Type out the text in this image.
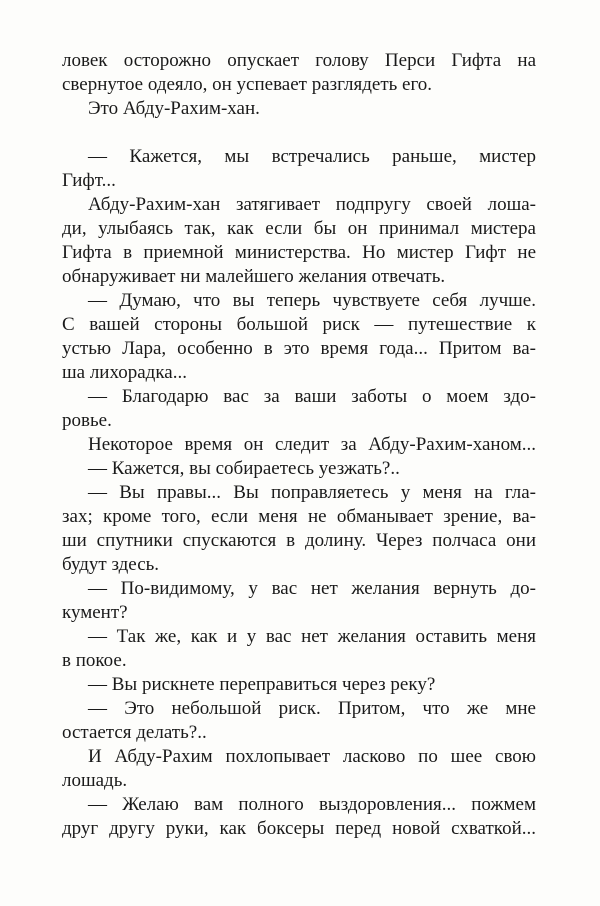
ловек осторожно опускает голову Перси Гифта на
свернутое одеяло, он успевает разглядеть его.
Это Абду-Рахим-хан.
— Кажется, мы встречались раньше, мистер
Гифт...
Абду-Рахим-хан затягивает подпругу своей лоша-
ди, улыбаясь так, как если бы он принимал мистера
Гифта в приемной министерства. Но мистер Гифт не
обнаруживает ни малейшего желания отвечать.
— Думаю, что вы теперь чувствуете себя лучше.
С вашей стороны большой риск — путешествие к
устью Лара, особенно в это время года... Притом ва-
ша лихорадка...
— Благодарю вас за ваши заботы о моем здо-
ровье.
Некоторое время он следит за Абду-Рахим-ханом...
— Кажется, вы собираетесь уезжать?..
— Вы правы... Вы поправляетесь у меня на гла-
зах; кроме того, если меня не обманывает зрение, ва-
ши спутники спускаются в долину. Через полчаса они
будут здесь.
— По-видимому, у вас нет желания вернуть до-
кумент?
— Так же, как и у вас нет желания оставить меня
в покое.
— Вы рискнете переправиться через реку?
— Это небольшой риск. Притом, что же мне
остается делать?..
И Абду-Рахим похлопывает ласково по шее свою
лошадь.
— Желаю вам полного выздоровления... пожмем
друг другу руки, как боксеры перед новой схваткой...
